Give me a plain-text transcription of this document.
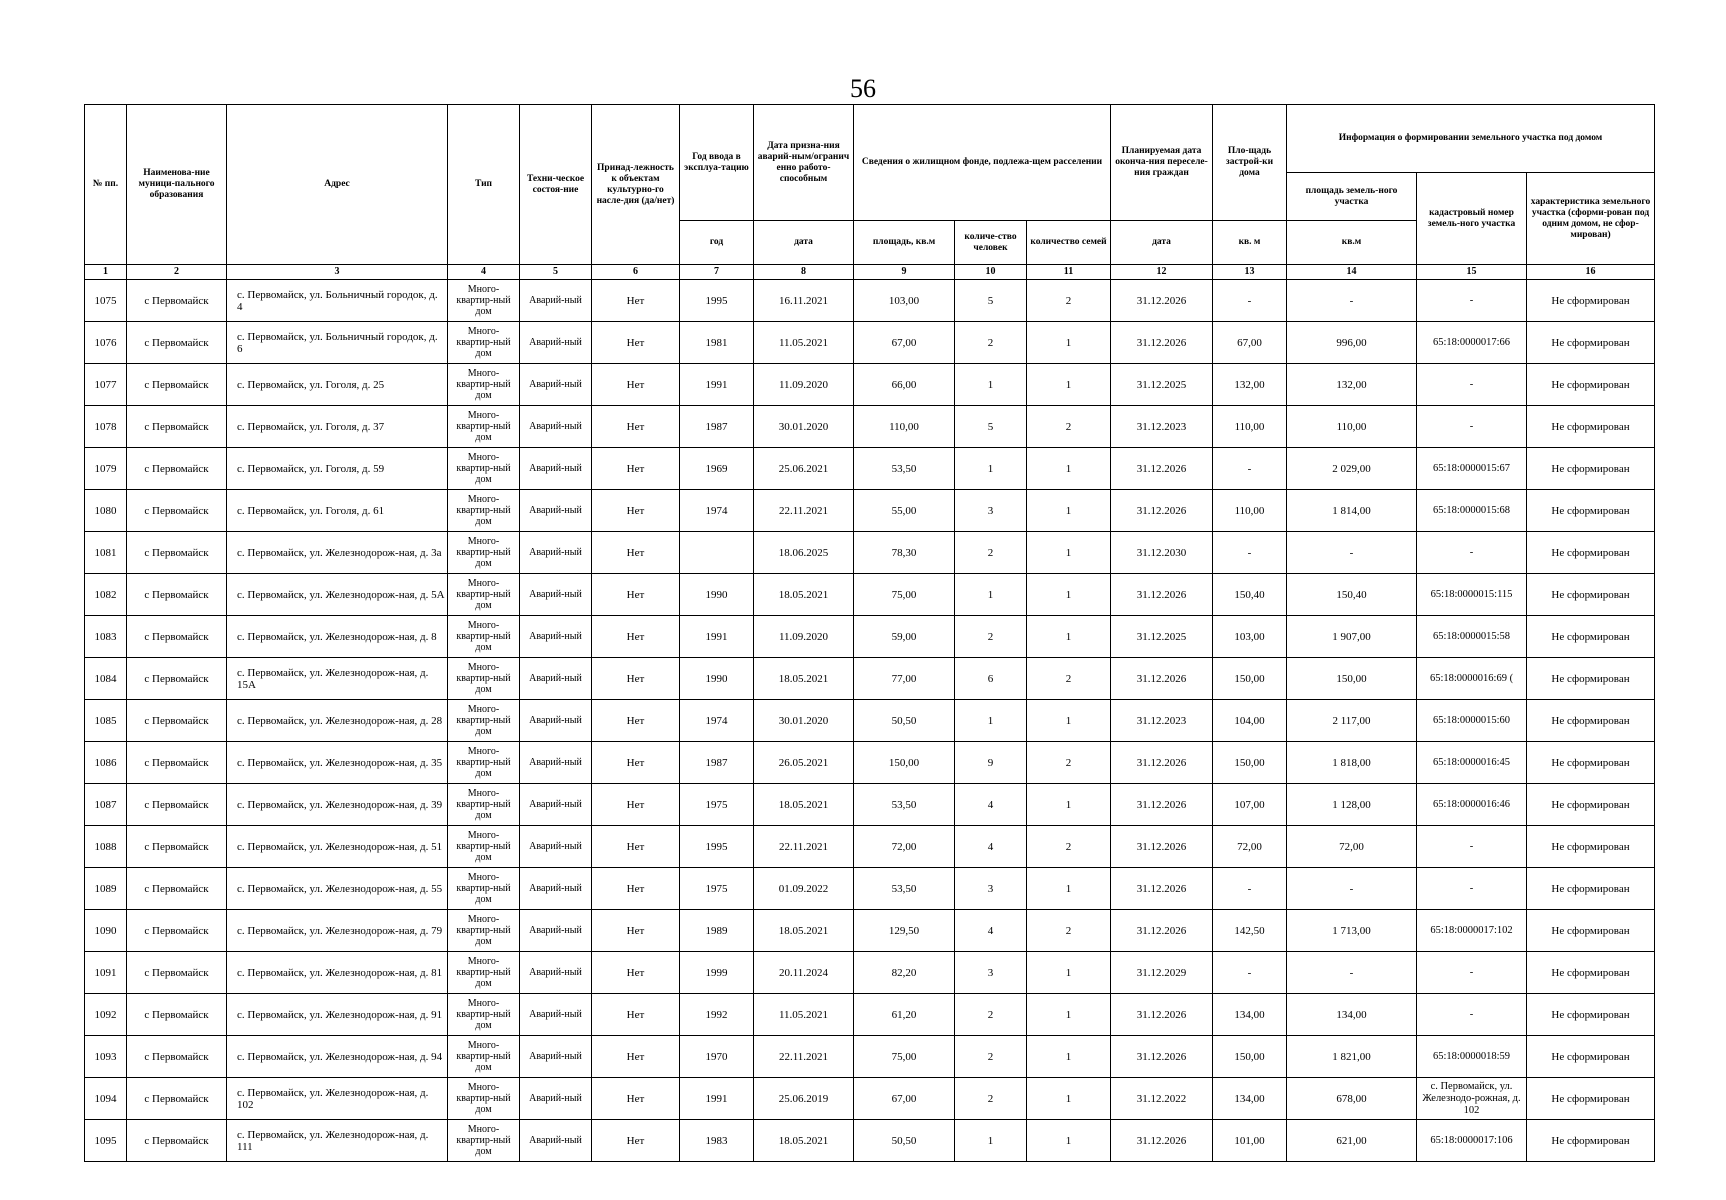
56
№ пп.	Наименова-ние муници-пального образования	Адрес	Тип	Техни-ческое состоя-ние	Принад-лежность к объектам культурно-го насле-дия (да/нет)	Год ввода в эксплуа-тацию	Дата призна-ния аварий-ным/огранич енно работо-способным	Сведения о жилищном фонде, подлежа-щем расселении			Планируемая дата оконча-ния переселе-ния граждан	Пло-щадь застрой-ки дома	Информация о формировании земельного участка под домом		
													площадь земель-ного участка	кадастровый номер земель-ного участка	характеристика земельного участка (сформи-рован под одним домом, не сфор-мирован)
						год	дата	площадь, кв.м	количе-ство человек	количество семей	дата	кв. м	кв.м		
1	2	3	4	5	6	7	8	9	10	11	12	13	14	15	16
1075	с Первомайск	с. Первомайск, ул. Больничный городок, д. 4	Много-квартир-ный дом	Аварий-ный	Нет	1995	16.11.2021	103,00	5	2	31.12.2026	-	-	-	Не сформирован
1076	с Первомайск	с. Первомайск, ул. Больничный городок, д. 6	Много-квартир-ный дом	Аварий-ный	Нет	1981	11.05.2021	67,00	2	1	31.12.2026	67,00	996,00	65:18:0000017:66	Не сформирован
1077	с Первомайск	с. Первомайск, ул. Гоголя, д. 25	Много-квартир-ный дом	Аварий-ный	Нет	1991	11.09.2020	66,00	1	1	31.12.2025	132,00	132,00	-	Не сформирован
1078	с Первомайск	с. Первомайск, ул. Гоголя, д. 37	Много-квартир-ный дом	Аварий-ный	Нет	1987	30.01.2020	110,00	5	2	31.12.2023	110,00	110,00	-	Не сформирован
1079	с Первомайск	с. Первомайск, ул. Гоголя, д. 59	Много-квартир-ный дом	Аварий-ный	Нет	1969	25.06.2021	53,50	1	1	31.12.2026	-	2 029,00	65:18:0000015:67	Не сформирован
1080	с Первомайск	с. Первомайск, ул. Гоголя, д. 61	Много-квартир-ный дом	Аварий-ный	Нет	1974	22.11.2021	55,00	3	1	31.12.2026	110,00	1 814,00	65:18:0000015:68	Не сформирован
1081	с Первомайск	с. Первомайск, ул. Железнодорож-ная, д. 3а	Много-квартир-ный дом	Аварий-ный	Нет		18.06.2025	78,30	2	1	31.12.2030	-	-	-	Не сформирован
1082	с Первомайск	с. Первомайск, ул. Железнодорож-ная, д. 5А	Много-квартир-ный дом	Аварий-ный	Нет	1990	18.05.2021	75,00	1	1	31.12.2026	150,40	150,40	65:18:0000015:115	Не сформирован
1083	с Первомайск	с. Первомайск, ул. Железнодорож-ная, д. 8	Много-квартир-ный дом	Аварий-ный	Нет	1991	11.09.2020	59,00	2	1	31.12.2025	103,00	1 907,00	65:18:0000015:58	Не сформирован
1084	с Первомайск	с. Первомайск, ул. Железнодорож-ная, д. 15А	Много-квартир-ный дом	Аварий-ный	Нет	1990	18.05.2021	77,00	6	2	31.12.2026	150,00	150,00	65:18:0000016:69 (	Не сформирован
1085	с Первомайск	с. Первомайск, ул. Железнодорож-ная, д. 28	Много-квартир-ный дом	Аварий-ный	Нет	1974	30.01.2020	50,50	1	1	31.12.2023	104,00	2 117,00	65:18:0000015:60	Не сформирован
1086	с Первомайск	с. Первомайск, ул. Железнодорож-ная, д. 35	Много-квартир-ный дом	Аварий-ный	Нет	1987	26.05.2021	150,00	9	2	31.12.2026	150,00	1 818,00	65:18:0000016:45	Не сформирован
1087	с Первомайск	с. Первомайск, ул. Железнодорож-ная, д. 39	Много-квартир-ный дом	Аварий-ный	Нет	1975	18.05.2021	53,50	4	1	31.12.2026	107,00	1 128,00	65:18:0000016:46	Не сформирован
1088	с Первомайск	с. Первомайск, ул. Железнодорож-ная, д. 51	Много-квартир-ный дом	Аварий-ный	Нет	1995	22.11.2021	72,00	4	2	31.12.2026	72,00	72,00	-	Не сформирован
1089	с Первомайск	с. Первомайск, ул. Железнодорож-ная, д. 55	Много-квартир-ный дом	Аварий-ный	Нет	1975	01.09.2022	53,50	3	1	31.12.2026	-	-	-	Не сформирован
1090	с Первомайск	с. Первомайск, ул. Железнодорож-ная, д. 79	Много-квартир-ный дом	Аварий-ный	Нет	1989	18.05.2021	129,50	4	2	31.12.2026	142,50	1 713,00	65:18:0000017:102	Не сформирован
1091	с Первомайск	с. Первомайск, ул. Железнодорож-ная, д. 81	Много-квартир-ный дом	Аварий-ный	Нет	1999	20.11.2024	82,20	3	1	31.12.2029	-	-	-	Не сформирован
1092	с Первомайск	с. Первомайск, ул. Железнодорож-ная, д. 91	Много-квартир-ный дом	Аварий-ный	Нет	1992	11.05.2021	61,20	2	1	31.12.2026	134,00	134,00	-	Не сформирован
1093	с Первомайск	с. Первомайск, ул. Железнодорож-ная, д. 94	Много-квартир-ный дом	Аварий-ный	Нет	1970	22.11.2021	75,00	2	1	31.12.2026	150,00	1 821,00	65:18:0000018:59	Не сформирован
1094	с Первомайск	с. Первомайск, ул. Железнодорож-ная, д. 102	Много-квартир-ный дом	Аварий-ный	Нет	1991	25.06.2019	67,00	2	1	31.12.2022	134,00	678,00	с. Первомайск, ул. Железнодо-рожная, д. 102	Не сформирован
1095	с Первомайск	с. Первомайск, ул. Железнодорож-ная, д. 111	Много-квартир-ный дом	Аварий-ный	Нет	1983	18.05.2021	50,50	1	1	31.12.2026	101,00	621,00	65:18:0000017:106	Не сформирован
